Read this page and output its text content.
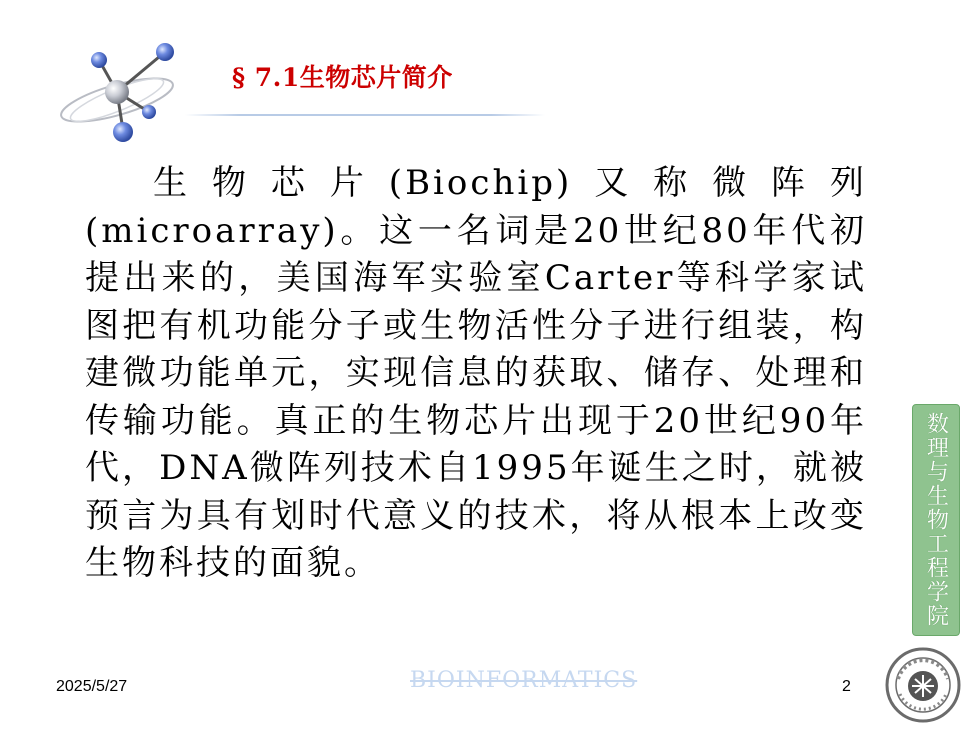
§ 7.1生物芯片简介

生物芯片(Biochip)又称微阵列(microarray)。这一名词是20世纪80年代初提出来的，美国海军实验室Carter等科学家试图把有机功能分子或生物活性分子进行组装，构建微功能单元，实现信息的获取、储存、处理和传输功能。真正的生物芯片出现于20世纪90年代，DNA微阵列技术自1995年诞生之时，就被预言为具有划时代意义的技术，将从根本上改变生物科技的面貌。	数理与生物工程学院
2025/5/27	BIOINFORMATICS	2
